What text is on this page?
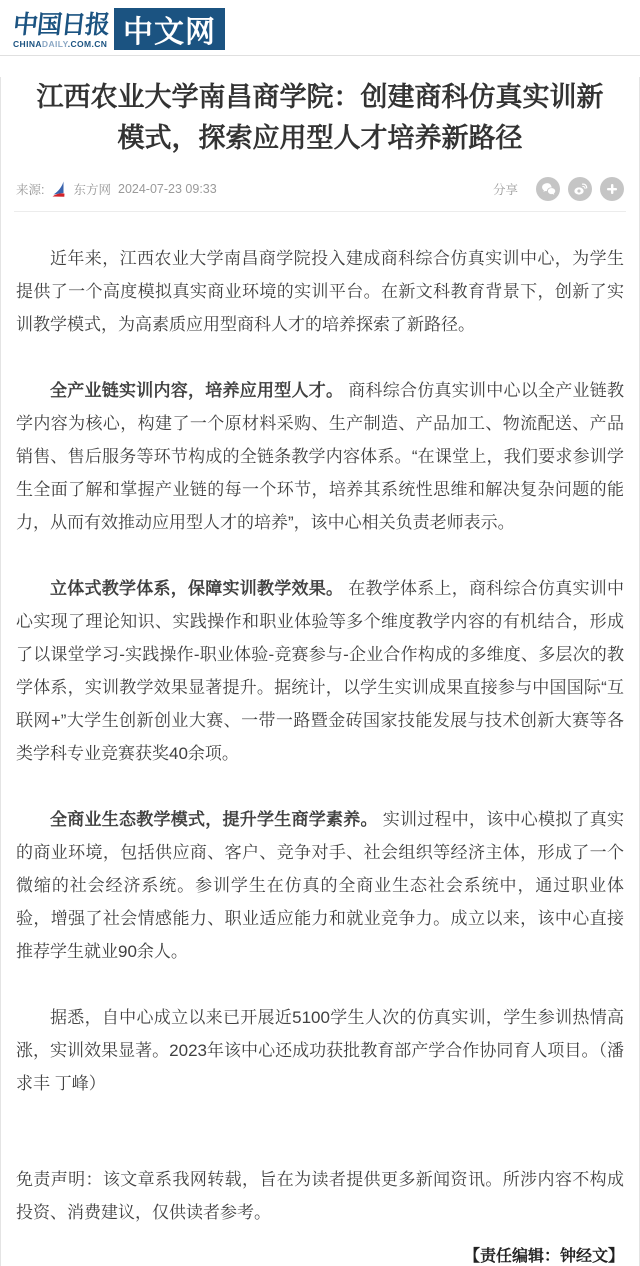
中国日报
CHINADAILY.COM.CN 中文网
江西农业大学南昌商学院：创建商科仿真实训新模式，探索应用型人才培养新路径
来源: 东方网 2024-07-23 09:33	分享

近年来，江西农业大学南昌商学院投入建成商科综合仿真实训中心，为学生提供了一个高度模拟真实商业环境的实训平台。在新文科教育背景下，创新了实训教学模式，为高素质应用型商科人才的培养探索了新路径。

全产业链实训内容，培养应用型人才。 商科综合仿真实训中心以全产业链教学内容为核心，构建了一个原材料采购、生产制造、产品加工、物流配送、产品销售、售后服务等环节构成的全链条教学内容体系。“在课堂上，我们要求参训学生全面了解和掌握产业链的每一个环节，培养其系统性思维和解决复杂问题的能力，从而有效推动应用型人才的培养”，该中心相关负责老师表示。

立体式教学体系，保障实训教学效果。 在教学体系上，商科综合仿真实训中心实现了理论知识、实践操作和职业体验等多个维度教学内容的有机结合，形成了以课堂学习-实践操作-职业体验-竞赛参与-企业合作构成的多维度、多层次的教学体系，实训教学效果显著提升。据统计，以学生实训成果直接参与中国国际“互联网+”大学生创新创业大赛、一带一路暨金砖国家技能发展与技术创新大赛等各类学科专业竞赛获奖40余项。

全商业生态教学模式，提升学生商学素养。 实训过程中，该中心模拟了真实的商业环境，包括供应商、客户、竞争对手、社会组织等经济主体，形成了一个微缩的社会经济系统。参训学生在仿真的全商业生态社会系统中，通过职业体验，增强了社会情感能力、职业适应能力和就业竞争力。成立以来，该中心直接推荐学生就业90余人。

据悉，自中心成立以来已开展近5100学生人次的仿真实训，学生参训热情高涨，实训效果显著。2023年该中心还成功获批教育部产学合作协同育人项目。（潘求丰 丁峰）

免责声明：该文章系我网转载，旨在为读者提供更多新闻资讯。所涉内容不构成投资、消费建议，仅供读者参考。
【责任编辑：钟经文】
